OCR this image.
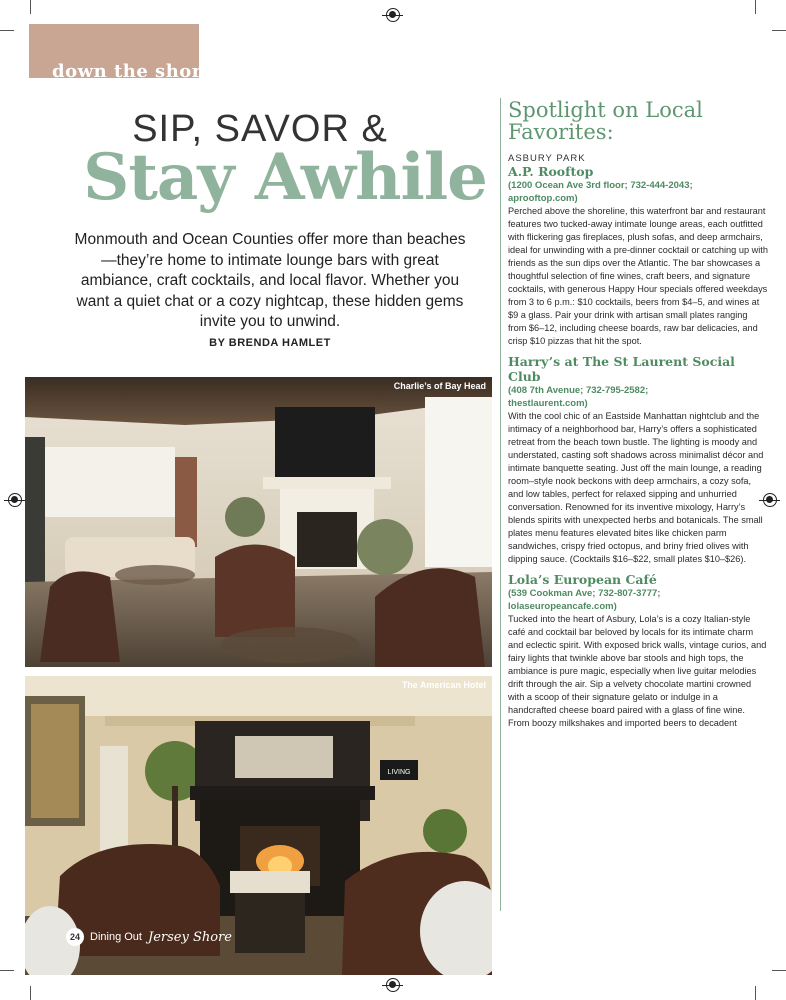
down the shore
SIP, SAVOR &
Stay Awhile
Monmouth and Ocean Counties offer more than beaches—they’re home to intimate lounge bars with great ambiance, craft cocktails, and local flavor. Whether you want a quiet chat or a cozy nightcap, these hidden gems invite you to unwind.
BY BRENDA HAMLET
Charlie’s of Bay Head
LIVING
The American Hotel
24 Dining Out Jersey Shore

Spotlight on Local Favorites:

ASBURY PARK

A.P. Rooftop

(1200 Ocean Ave 3rd floor; 732-444-2043;

aprooftop.com)

Perched above the shoreline, this waterfront bar and restaurant features two tucked-away intimate lounge areas, each outfitted with flickering gas fireplaces, plush sofas, and deep armchairs, ideal for unwinding with a pre-dinner cocktail or catching up with friends as the sun dips over the Atlantic. The bar showcases a thoughtful selection of fine wines, craft beers, and signature cocktails, with generous Happy Hour specials offered weekdays from 3 to 6 p.m.: $10 cocktails, beers from $4–5, and wines at $9 a glass. Pair your drink with artisan small plates ranging from $6–12, including cheese boards, raw bar delicacies, and crisp $10 pizzas that hit the spot.

Harry’s at The St Laurent Social Club

(408 7th Avenue; 732-795-2582;

thestlaurent.com)

With the cool chic of an Eastside Manhattan nightclub and the intimacy of a neighborhood bar, Harry’s offers a sophisticated retreat from the beach town bustle. The lighting is moody and understated, casting soft shadows across minimalist décor and intimate banquette seating. Just off the main lounge, a reading room–style nook beckons with deep armchairs, a cozy sofa, and low tables, perfect for relaxed sipping and unhurried conversation. Renowned for its inventive mixology, Harry’s blends spirits with unexpected herbs and botanicals. The small plates menu features elevated bites like chicken parm sandwiches, crispy fried octopus, and briny fried olives with dipping sauce. (Cocktails $16–$22, small plates $10–$26).

Lola’s European Café

(539 Cookman Ave; 732-807-3777;

lolaseuropeancafe.com)

Tucked into the heart of Asbury, Lola’s is a cozy Italian-style café and cocktail bar beloved by locals for its intimate charm and eclectic spirit. With exposed brick walls, vintage curios, and fairy lights that twinkle above bar stools and high tops, the ambiance is pure magic, especially when live guitar melodies drift through the air. Sip a velvety chocolate martini crowned with a scoop of their signature gelato or indulge in a handcrafted cheese board paired with a glass of fine wine. From boozy milkshakes and imported beers to decadent
